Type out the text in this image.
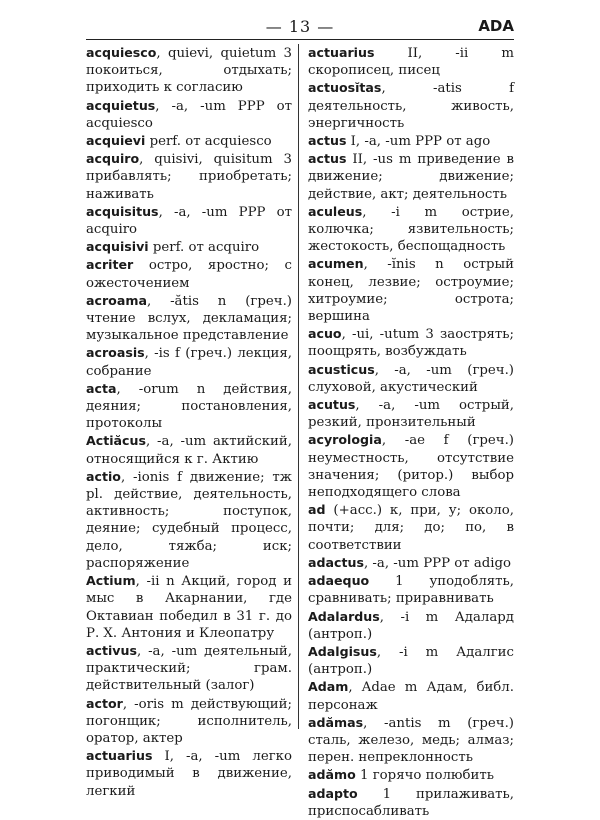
— 13 —	ADA

acquiesco, quievi, quietum 3 покоиться, отдыхать; приходить к согласию

acquietus, -a, -um PPP от acquiesco

acquievi perf. от acquiesco

acquiro, quisivi, quisitum 3 прибавлять; приобретать; наживать

acquisitus, -a, -um PPP от acquiro

acquisivi perf. от acquiro

acriter остро, яростно; с ожесточением

acroama, -ătis n (греч.) чтение вслух, декламация; музыкальное представление

acroasis, -is f (греч.) лекция, собрание

acta, -orum n действия, деяния; постановления, протоколы

Actiăcus, -a, -um актийский, относящийся к г. Актию

actio, -ionis f движение; тж pl. действие, деятельность, активность; поступок, деяние; судебный процесс, дело, тяжба; иск; распоряжение

Actium, -ii n Акций, город и мыс в Акарнании, где Октавиан победил в 31 г. до Р. Х. Антония и Клеопатру

activus, -a, -um деятельный, практический; грам. действительный (залог)

actor, -oris m действующий; погонщик; исполнитель, оратор, актер

actuarius I, -a, -um легко приводимый в движение, легкий

actuarius II, -ii m скорописец, писец

actuosĭtas, -atis f деятельность, живость, энергичность

actus I, -a, -um PPP от ago

actus II, -us m приведение в движение; движение; действие, акт; деятельность

aculeus, -i m острие, колючка; язвительность; жестокость, беспощадность

acumen, -ĭnis n острый конец, лезвие; остроумие; хитроумие; острота; вершина

acuo, -ui, -utum 3 заострять; поощрять, возбуждать

acusticus, -a, -um (греч.) слуховой, акустический

acutus, -a, -um острый, резкий, пронзительный

acyrologia, -ae f (греч.) неуместность, отсутствие значения; (ритор.) выбор неподходящего слова

ad (+acc.) к, при, у; около, почти; для; до; по, в соответствии

adactus, -a, -um PPP от adigo

adaequo 1 уподоблять, сравнивать; приравнивать

Adalardus, -i m Адалард (антроп.)

Adalgisus, -i m Адалгис (антроп.)

Adam, Adae m Адам, библ. персонаж

adămas, -antis m (греч.) сталь, железо, медь; алмаз; перен. непреклонность

adămo 1 горячо полюбить

adapto 1 прилаживать, приспосабливать
